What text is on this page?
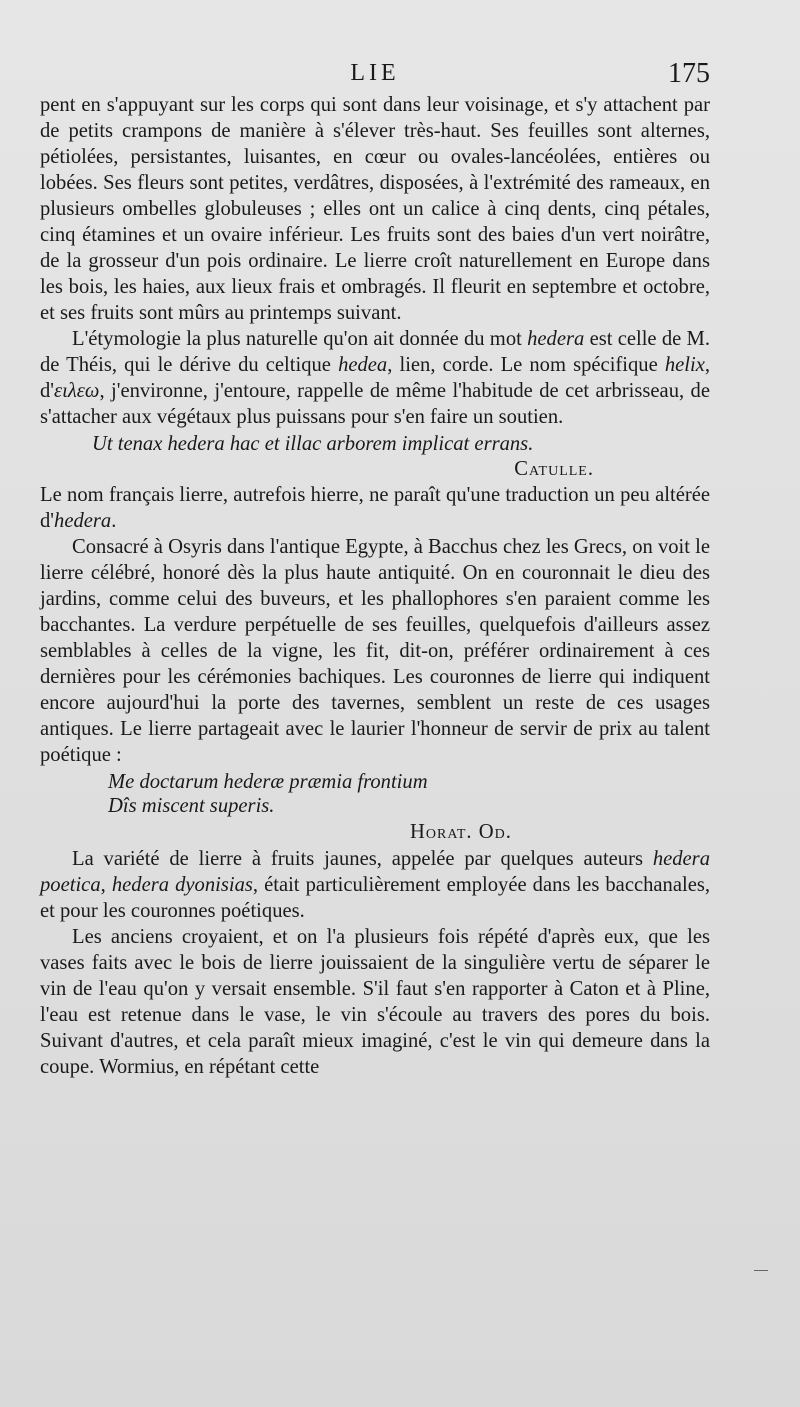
LIE	175

pent en s'appuyant sur les corps qui sont dans leur voisinage, et s'y attachent par de petits crampons de manière à s'élever très-haut. Ses feuilles sont alternes, pétiolées, persistantes, luisantes, en cœur ou ovales-lancéolées, entières ou lobées. Ses fleurs sont petites, verdâtres, disposées, à l'extrémité des rameaux, en plusieurs ombelles globuleuses ; elles ont un calice à cinq dents, cinq pétales, cinq étamines et un ovaire inférieur. Les fruits sont des baies d'un vert noirâtre, de la grosseur d'un pois ordinaire. Le lierre croît naturellement en Europe dans les bois, les haies, aux lieux frais et ombragés. Il fleurit en septembre et octobre, et ses fruits sont mûrs au printemps suivant.

L'étymologie la plus naturelle qu'on ait donnée du mot hedera est celle de M. de Théis, qui le dérive du celtique hedea, lien, corde. Le nom spécifique helix, d'ειλεω, j'environne, j'entoure, rappelle de même l'habitude de cet arbrisseau, de s'attacher aux végétaux plus puissans pour s'en faire un soutien.

Ut tenax hedera hac et illac arborem implicat errans.

Catulle.

Le nom français lierre, autrefois hierre, ne paraît qu'une traduction un peu altérée d'hedera.

Consacré à Osyris dans l'antique Egypte, à Bacchus chez les Grecs, on voit le lierre célébré, honoré dès la plus haute antiquité. On en couronnait le dieu des jardins, comme celui des buveurs, et les phallophores s'en paraient comme les bacchantes. La verdure perpétuelle de ses feuilles, quelquefois d'ailleurs assez semblables à celles de la vigne, les fit, dit-on, préférer ordinairement à ces dernières pour les cérémonies bachiques. Les couronnes de lierre qui indiquent encore aujourd'hui la porte des tavernes, semblent un reste de ces usages antiques. Le lierre partageait avec le laurier l'honneur de servir de prix au talent poétique :

Me doctarum hederæ præmia frontium

Dîs miscent superis.

Horat. Od.

La variété de lierre à fruits jaunes, appelée par quelques auteurs hedera poetica, hedera dyonisias, était particulièrement employée dans les bacchanales, et pour les couronnes poétiques.

Les anciens croyaient, et on l'a plusieurs fois répété d'après eux, que les vases faits avec le bois de lierre jouissaient de la singulière vertu de séparer le vin de l'eau qu'on y versait ensemble. S'il faut s'en rapporter à Caton et à Pline, l'eau est retenue dans le vase, le vin s'écoule au travers des pores du bois. Suivant d'autres, et cela paraît mieux imaginé, c'est le vin qui demeure dans la coupe. Wormius, en répétant cette
